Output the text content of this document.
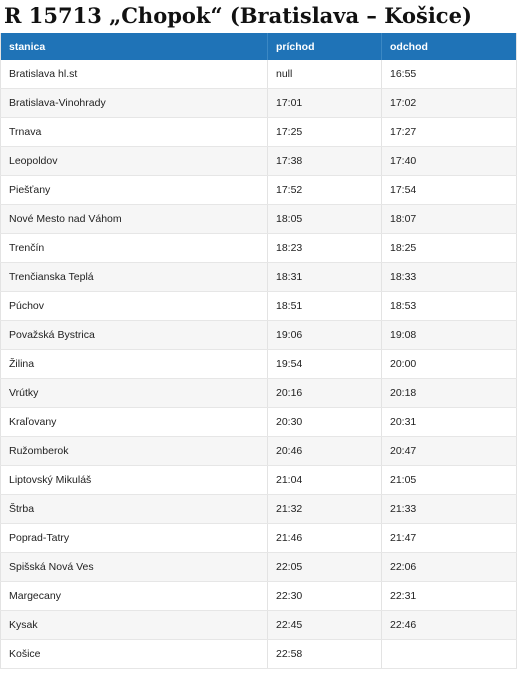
R 15713 „Chopok“ (Bratislava – Košice)
stanica	príchod	odchod
Bratislava hl.st	null	16:55
Bratislava-Vinohrady	17:01	17:02
Trnava	17:25	17:27
Leopoldov	17:38	17:40
Piešťany	17:52	17:54
Nové Mesto nad Váhom	18:05	18:07
Trenčín	18:23	18:25
Trenčianska Teplá	18:31	18:33
Púchov	18:51	18:53
Považská Bystrica	19:06	19:08
Žilina	19:54	20:00
Vrútky	20:16	20:18
Kraľovany	20:30	20:31
Ružomberok	20:46	20:47
Liptovský Mikuláš	21:04	21:05
Štrba	21:32	21:33
Poprad-Tatry	21:46	21:47
Spišská Nová Ves	22:05	22:06
Margecany	22:30	22:31
Kysak	22:45	22:46
Košice	22:58	
